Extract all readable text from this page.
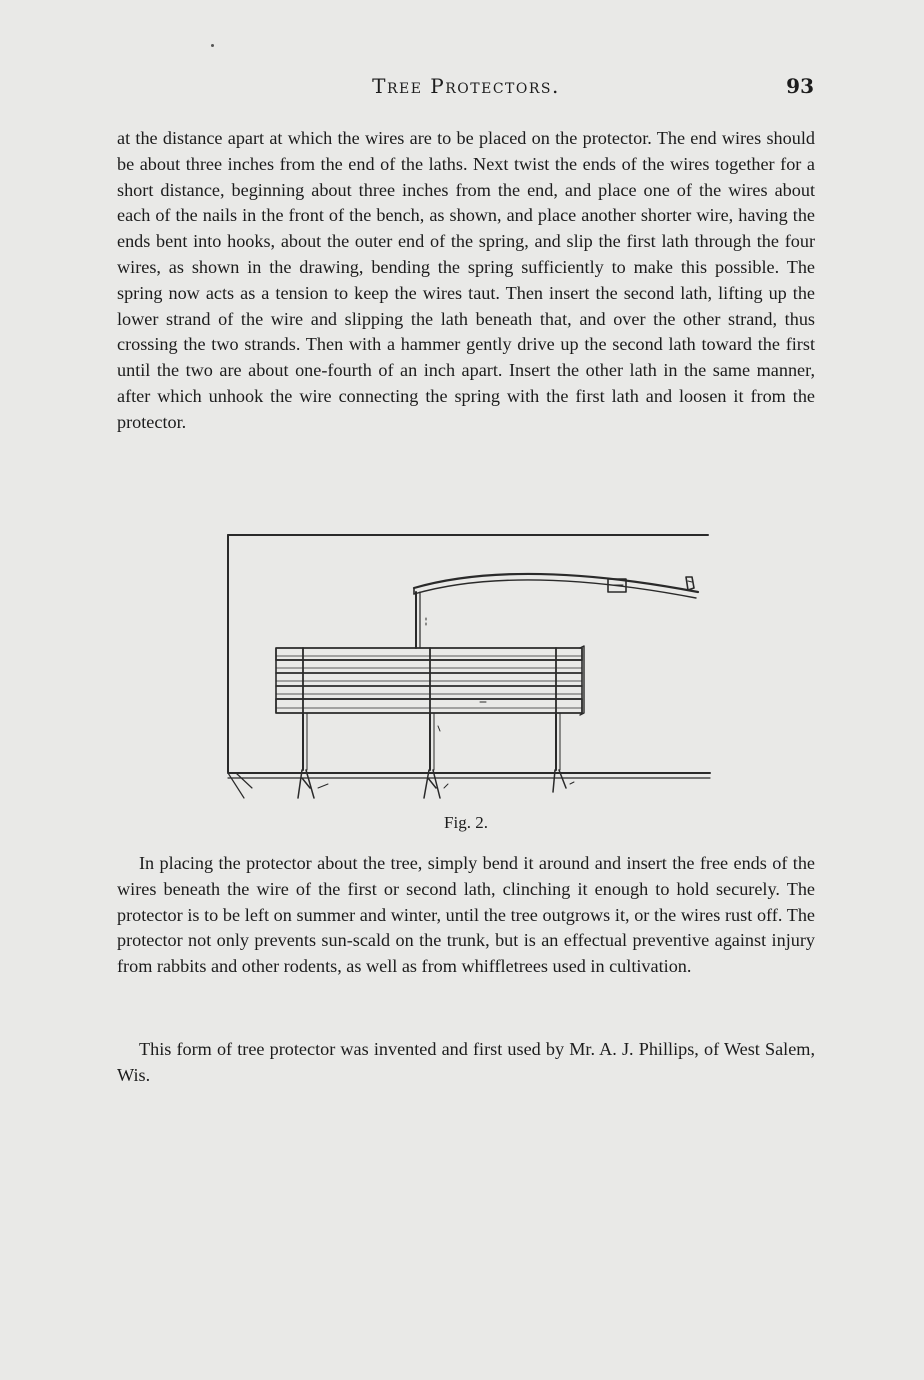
Tree Protectors.	93

at the distance apart at which the wires are to be placed on the protector. The end wires should be about three inches from the end of the laths. Next twist the ends of the wires together for a short distance, beginning about three inches from the end, and place one of the wires about each of the nails in the front of the bench, as shown, and place another shorter wire, having the ends bent into hooks, about the outer end of the spring, and slip the first lath through the four wires, as shown in the drawing, bending the spring sufficiently to make this possible. The spring now acts as a tension to keep the wires taut. Then insert the second lath, lifting up the lower strand of the wire and slipping the lath beneath that, and over the other strand, thus crossing the two strands. Then with a hammer gently drive up the second lath toward the first until the two are about one-fourth of an inch apart. Insert the other lath in the same manner, after which unhook the wire connecting the spring with the first lath and loosen it from the protector.

Fig. 2.

In placing the protector about the tree, simply bend it around and insert the free ends of the wires beneath the wire of the first or second lath, clinching it enough to hold securely. The protector is to be left on summer and winter, until the tree outgrows it, or the wires rust off. The protector not only prevents sun-scald on the trunk, but is an effectual preventive against injury from rabbits and other rodents, as well as from whiffletrees used in cultivation.

This form of tree protector was invented and first used by Mr. A. J. Phillips, of West Salem, Wis.
